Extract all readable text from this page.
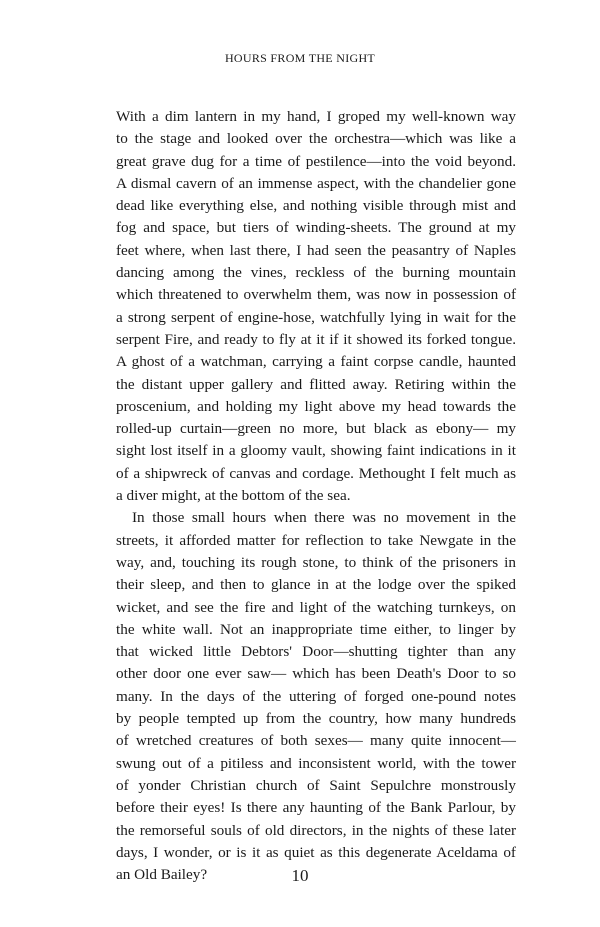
HOURS FROM THE NIGHT
With a dim lantern in my hand, I groped my well-known way
to the stage and looked over the orchestra—which was like a
great grave dug for a time of pestilence—into the void beyond.
A dismal cavern of an immense aspect, with the chandelier gone
dead like everything else, and nothing visible through mist and
fog and space, but tiers of winding-sheets. The ground at my
feet where, when last there, I had seen the peasantry of Naples
dancing among the vines, reckless of the burning mountain
which threatened to overwhelm them, was now in possession of
a strong serpent of engine-hose, watchfully lying in wait for the
serpent Fire, and ready to fly at it if it showed its forked tongue.
A ghost of a watchman, carrying a faint corpse candle, haunted
the distant upper gallery and flitted away. Retiring within the
proscenium, and holding my light above my head towards the
rolled-up curtain—green no more, but black as ebony— my
sight lost itself in a gloomy vault, showing faint indications in it
of a shipwreck of canvas and cordage. Methought I felt much as
a diver might, at the bottom of the sea.
In those small hours when there was no movement in the
streets, it afforded matter for reflection to take Newgate in the
way, and, touching its rough stone, to think of the prisoners in
their sleep, and then to glance in at the lodge over the spiked
wicket, and see the fire and light of the watching turnkeys, on
the white wall. Not an inappropriate time either, to linger by
that wicked little Debtors' Door—shutting tighter than any
other door one ever saw— which has been Death's Door to so
many. In the days of the uttering of forged one-pound notes
by people tempted up from the country, how many hundreds
of wretched creatures of both sexes— many quite innocent—
swung out of a pitiless and inconsistent world, with the tower
of yonder Christian church of Saint Sepulchre monstrously
before their eyes! Is there any haunting of the Bank Parlour, by
the remorseful souls of old directors, in the nights of these later
days, I wonder, or is it as quiet as this degenerate Aceldama of
an Old Bailey?	10
